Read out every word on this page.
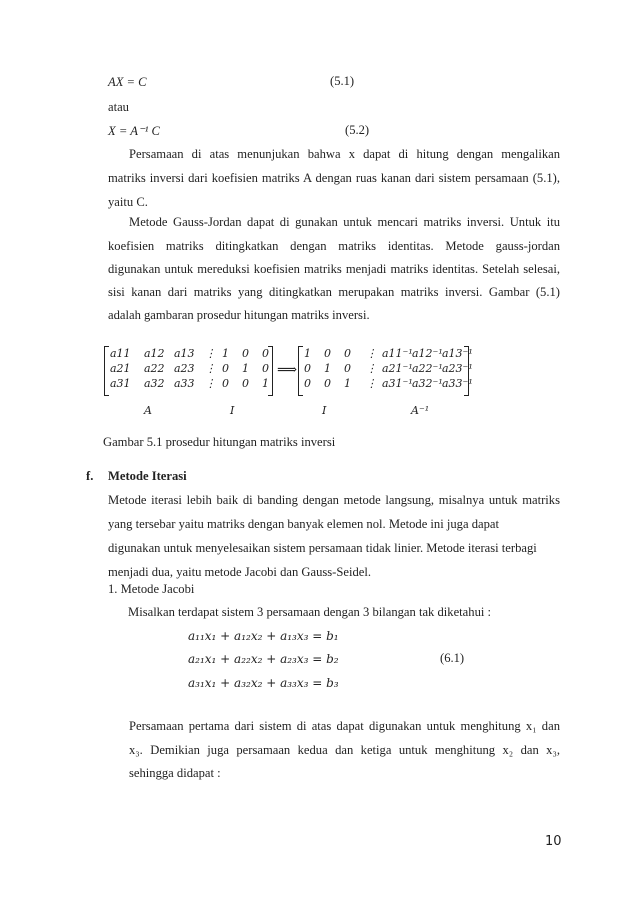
AX = C	(5.1)
atau
X = A⁻¹ C	(5.2)
Persamaan di atas menunjukan bahwa x dapat di hitung dengan mengalikan
matriks inversi dari koefisien matriks A dengan ruas kanan dari sistem persamaan (5.1),
yaitu C.
Metode Gauss-Jordan dapat di gunakan untuk mencari matriks inversi. Untuk itu
koefisien matriks ditingkatkan dengan matriks identitas. Metode gauss-jordan
digunakan untuk mereduksi koefisien matriks menjadi matriks identitas. Setelah selesai,
sisi kanan dari matriks yang ditingkatkan merupakan matriks inversi. Gambar (5.1)
adalah gambaran prosedur hitungan matriks inversi.
a11 a12 a13 ⋮ 1 0 0
a21 a22 a23 ⋮ 0 1 0
a31 a32 a33 ⋮ 0 0 1
⟹
1 0 0 ⋮ a11⁻¹ a12⁻¹ a13⁻¹
0 1 0 ⋮ a21⁻¹ a22⁻¹ a23⁻¹
0 0 1 ⋮ a31⁻¹ a32⁻¹ a33⁻¹
A	I	I	A⁻¹
Gambar 5.1 prosedur hitungan matriks inversi
f. Metode Iterasi
Metode iterasi lebih baik di banding dengan metode langsung, misalnya untuk matriks
yang tersebar yaitu matriks dengan banyak elemen nol. Metode ini juga dapat
digunakan untuk menyelesaikan sistem persamaan tidak linier. Metode iterasi terbagi
menjadi dua, yaitu metode Jacobi dan Gauss-Seidel.
1. Metode Jacobi
Misalkan terdapat sistem 3 persamaan dengan 3 bilangan tak diketahui :
a₁₁x₁ + a₁₂x₂ + a₁₃x₃ = b₁
a₂₁x₁ + a₂₂x₂ + a₂₃x₃ = b₂
a₃₁x₁ + a₃₂x₂ + a₃₃x₃ = b₃
(6.1)
Persamaan pertama dari sistem di atas dapat digunakan untuk menghitung x₁ dan
x₃. Demikian juga persamaan kedua dan ketiga untuk menghitung x₂ dan x₃,
sehingga didapat :
10
